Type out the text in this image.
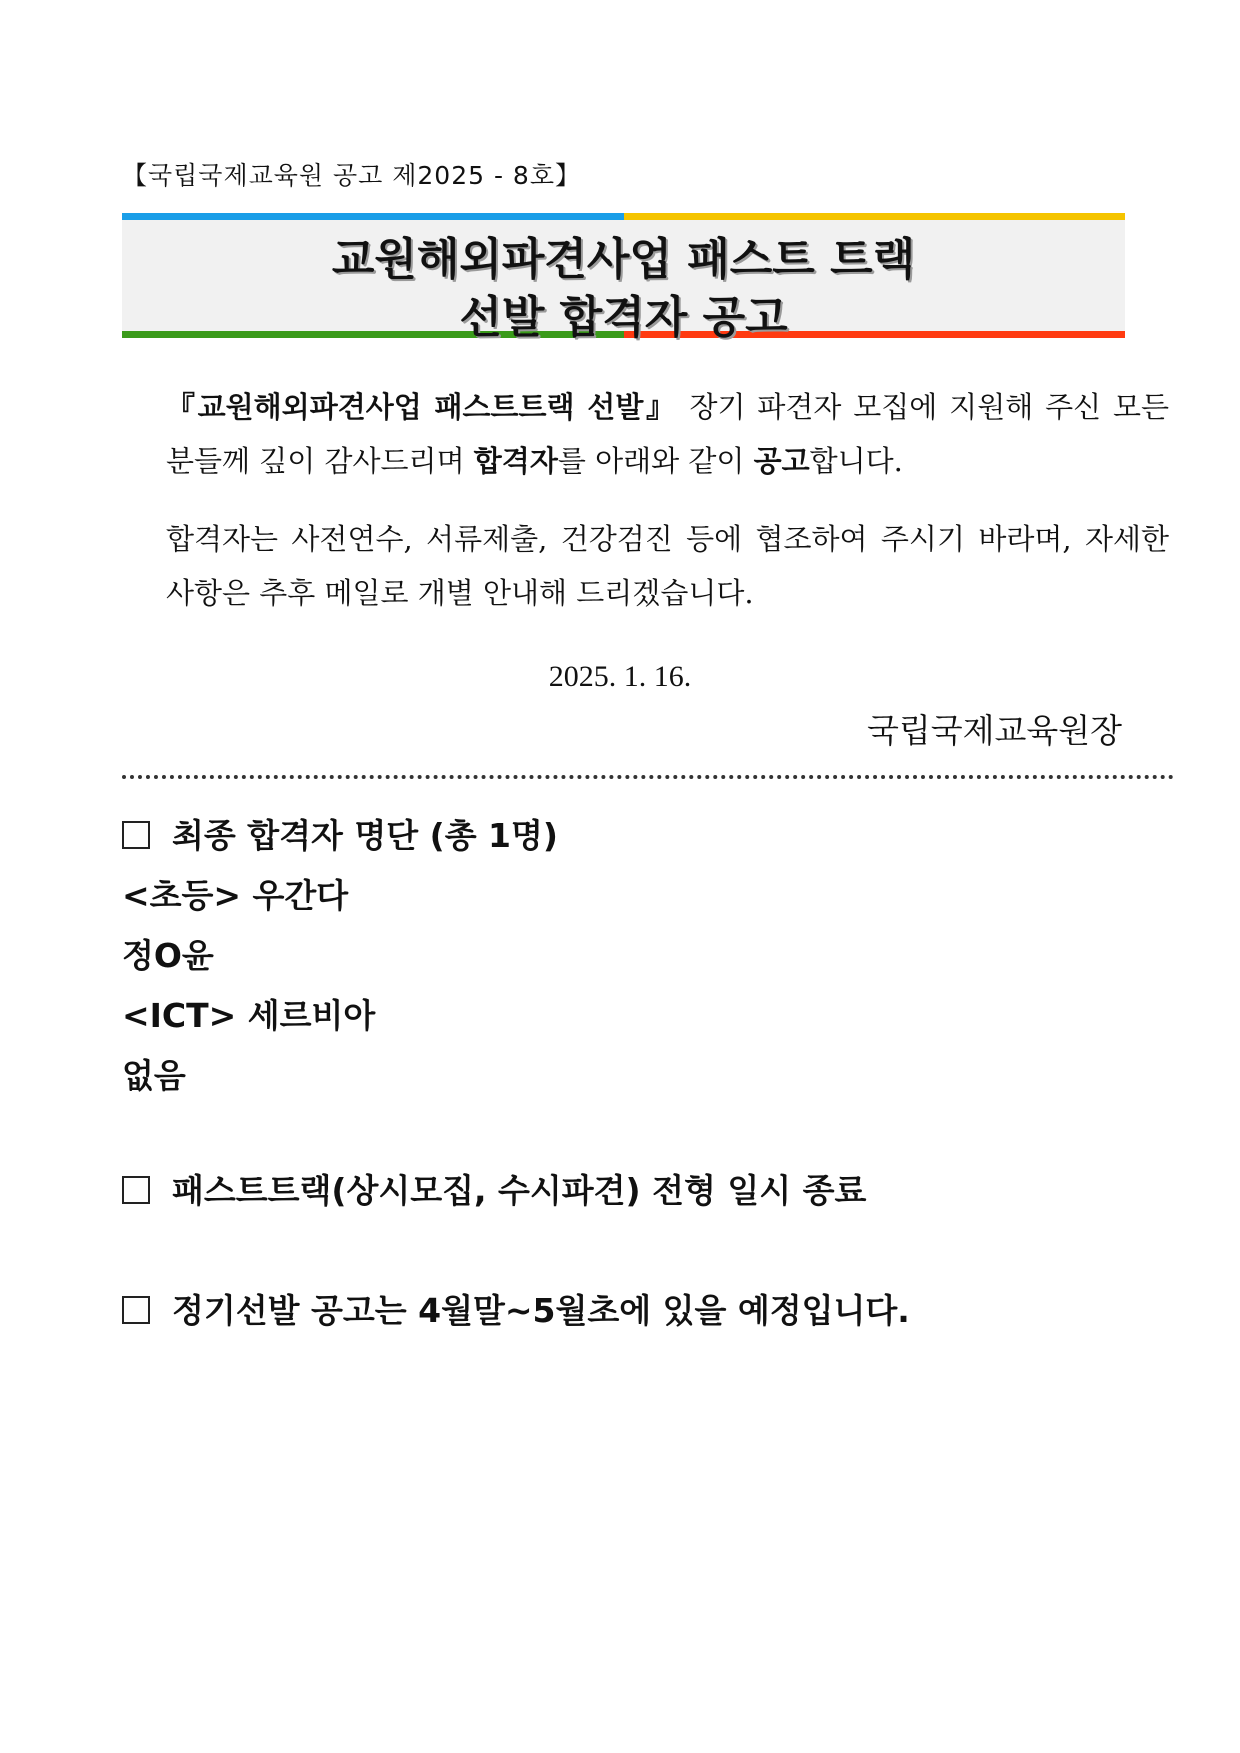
【국립국제교육원 공고 제2025 - 8호】
교원해외파견사업 패스트 트랙
선발 합격자 공고
『교원해외파견사업 패스트트랙 선발』 장기 파견자 모집에 지원해 주신 모든 분들께 깊이 감사드리며 합격자를 아래와 같이 공고합니다.
합격자는 사전연수, 서류제출, 건강검진 등에 협조하여 주시기 바라며, 자세한 사항은 추후 메일로 개별 안내해 드리겠습니다.
2025. 1. 16.
국립국제교육원장
최종 합격자 명단 (총 1명)
<초등> 우간다
정O윤
<ICT> 세르비아
없음
패스트트랙(상시모집, 수시파견) 전형 일시 종료
정기선발 공고는 4월말~5월초에 있을 예정입니다.
